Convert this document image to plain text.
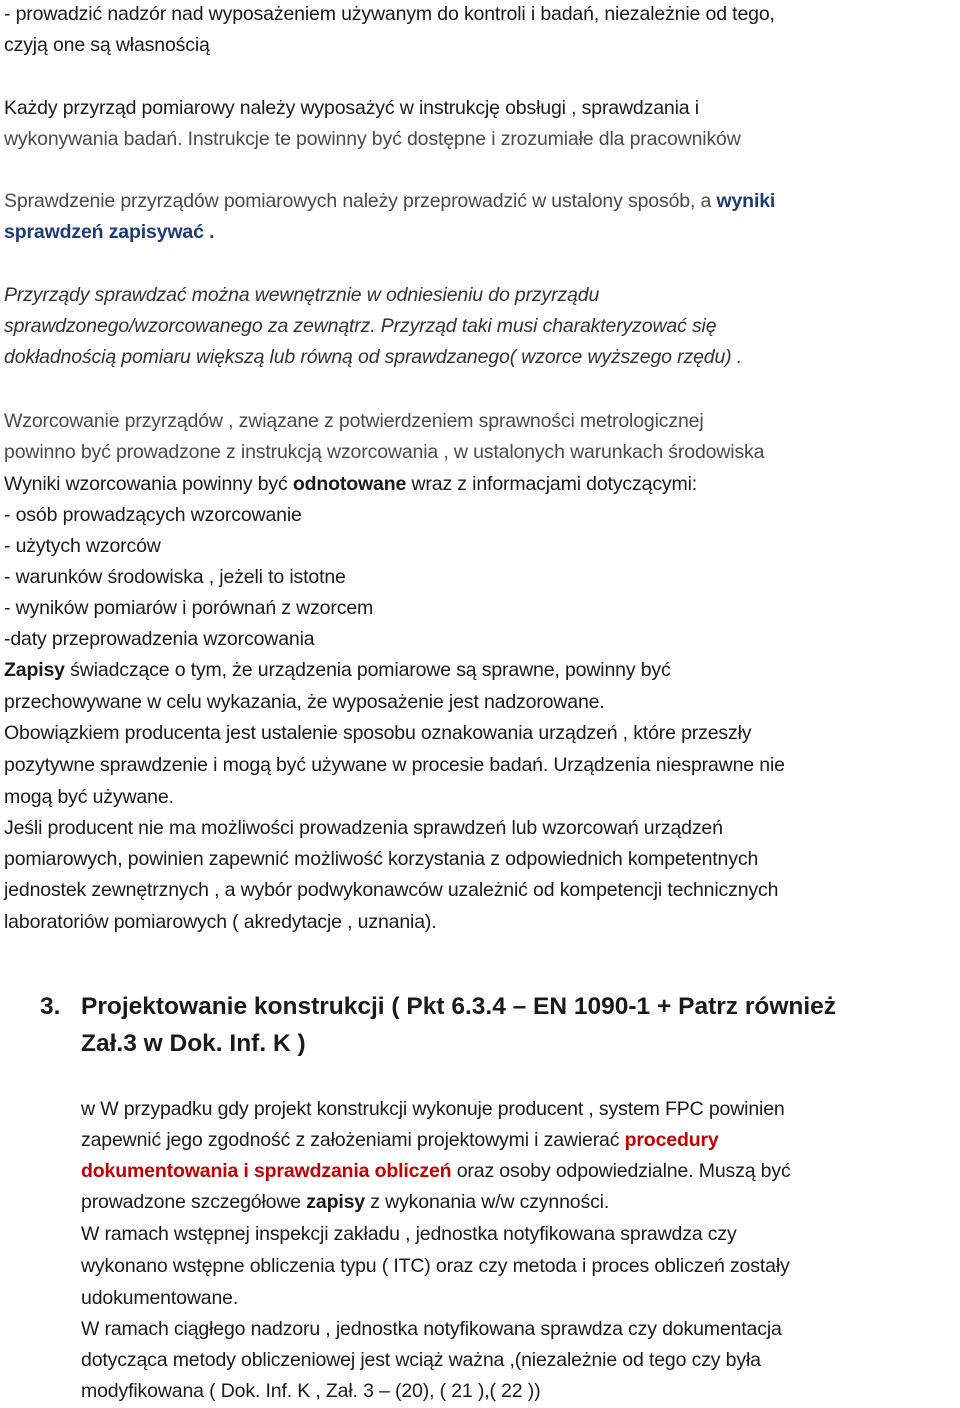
- prowadzić nadzór nad wyposażeniem używanym do kontroli i badań, niezależnie od tego,

czyją one są własnością

Każdy przyrząd pomiarowy należy wyposażyć w instrukcję obsługi , sprawdzania i

wykonywania badań. Instrukcje te powinny być dostępne i zrozumiałe dla pracowników

Sprawdzenie przyrządów pomiarowych należy przeprowadzić w ustalony sposób, a wyniki

sprawdzeń zapisywać .

Przyrządy sprawdzać można wewnętrznie w odniesieniu do przyrządu

sprawdzonego/wzorcowanego za zewnątrz. Przyrząd taki musi charakteryzować się

dokładnością pomiaru większą lub równą od sprawdzanego( wzorce wyższego rzędu) .

Wzorcowanie przyrządów , związane z potwierdzeniem sprawności metrologicznej

powinno być prowadzone z instrukcją wzorcowania , w ustalonych warunkach środowiska

Wyniki wzorcowania powinny być odnotowane wraz z informacjami dotyczącymi:

- osób prowadzących wzorcowanie

- użytych wzorców

- warunków środowiska , jeżeli to istotne

- wyników pomiarów i porównań z wzorcem

-daty przeprowadzenia wzorcowania

Zapisy świadczące o tym, że urządzenia pomiarowe są sprawne, powinny być

przechowywane w celu wykazania, że wyposażenie jest nadzorowane.

Obowiązkiem producenta jest ustalenie sposobu oznakowania urządzeń , które przeszły

pozytywne sprawdzenie i mogą być używane w procesie badań. Urządzenia niesprawne nie

mogą być używane.

Jeśli producent nie ma możliwości prowadzenia sprawdzeń lub wzorcowań urządzeń

pomiarowych, powinien zapewnić możliwość korzystania z odpowiednich kompetentnych

jednostek zewnętrznych , a wybór podwykonawców uzależnić od kompetencji technicznych

laboratoriów pomiarowych ( akredytacje , uznania).

3. Projektowanie konstrukcji ( Pkt 6.3.4 – EN 1090-1 + Patrz również

Zał.3 w Dok. Inf. K )

w W przypadku gdy projekt konstrukcji wykonuje producent , system FPC powinien

zapewnić jego zgodność z założeniami projektowymi i zawierać procedury

dokumentowania i sprawdzania obliczeń oraz osoby odpowiedzialne. Muszą być

prowadzone szczegółowe zapisy z wykonania w/w czynności.

W ramach wstępnej inspekcji zakładu , jednostka notyfikowana sprawdza czy

wykonano wstępne obliczenia typu ( ITC) oraz czy metoda i proces obliczeń zostały

udokumentowane.

W ramach ciągłego nadzoru , jednostka notyfikowana sprawdza czy dokumentacja

dotycząca metody obliczeniowej jest wciąż ważna ,(niezależnie od tego czy była

modyfikowana ( Dok. Inf. K , Zał. 3 – (20), ( 21 ),( 22 ))
